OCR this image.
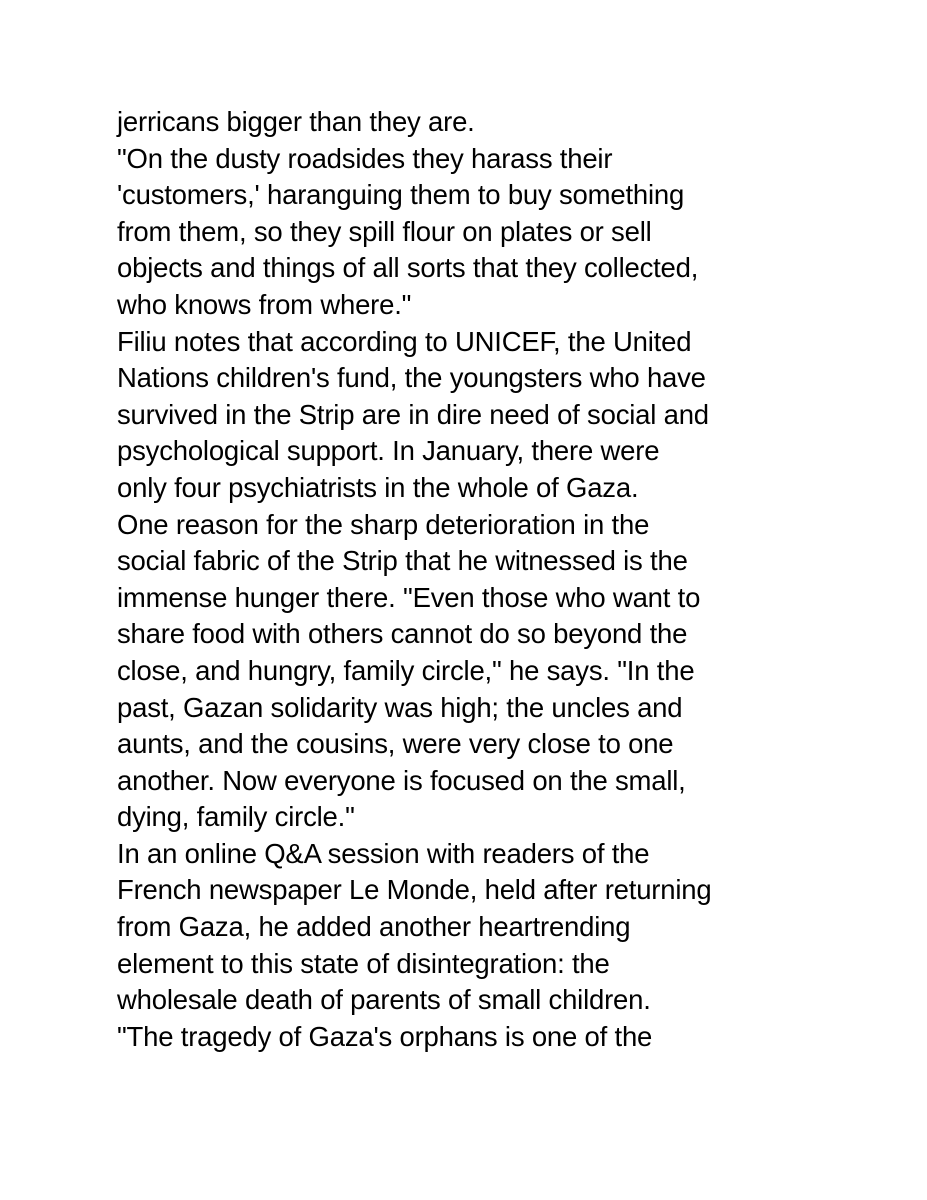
jerricans bigger than they are.
"On the dusty roadsides they harass their
'customers,' haranguing them to buy something
from them, so they spill flour on plates or sell
objects and things of all sorts that they collected,
who knows from where."
Filiu notes that according to UNICEF, the United
Nations children's fund, the youngsters who have
survived in the Strip are in dire need of social and
psychological support. In January, there were
only four psychiatrists in the whole of Gaza.
One reason for the sharp deterioration in the
social fabric of the Strip that he witnessed is the
immense hunger there. "Even those who want to
share food with others cannot do so beyond the
close, and hungry, family circle," he says. "In the
past, Gazan solidarity was high; the uncles and
aunts, and the cousins, were very close to one
another. Now everyone is focused on the small,
dying, family circle."
In an online Q&A session with readers of the
French newspaper Le Monde, held after returning
from Gaza, he added another heartrending
element to this state of disintegration: the
wholesale death of parents of small children.
"The tragedy of Gaza's orphans is one of the
